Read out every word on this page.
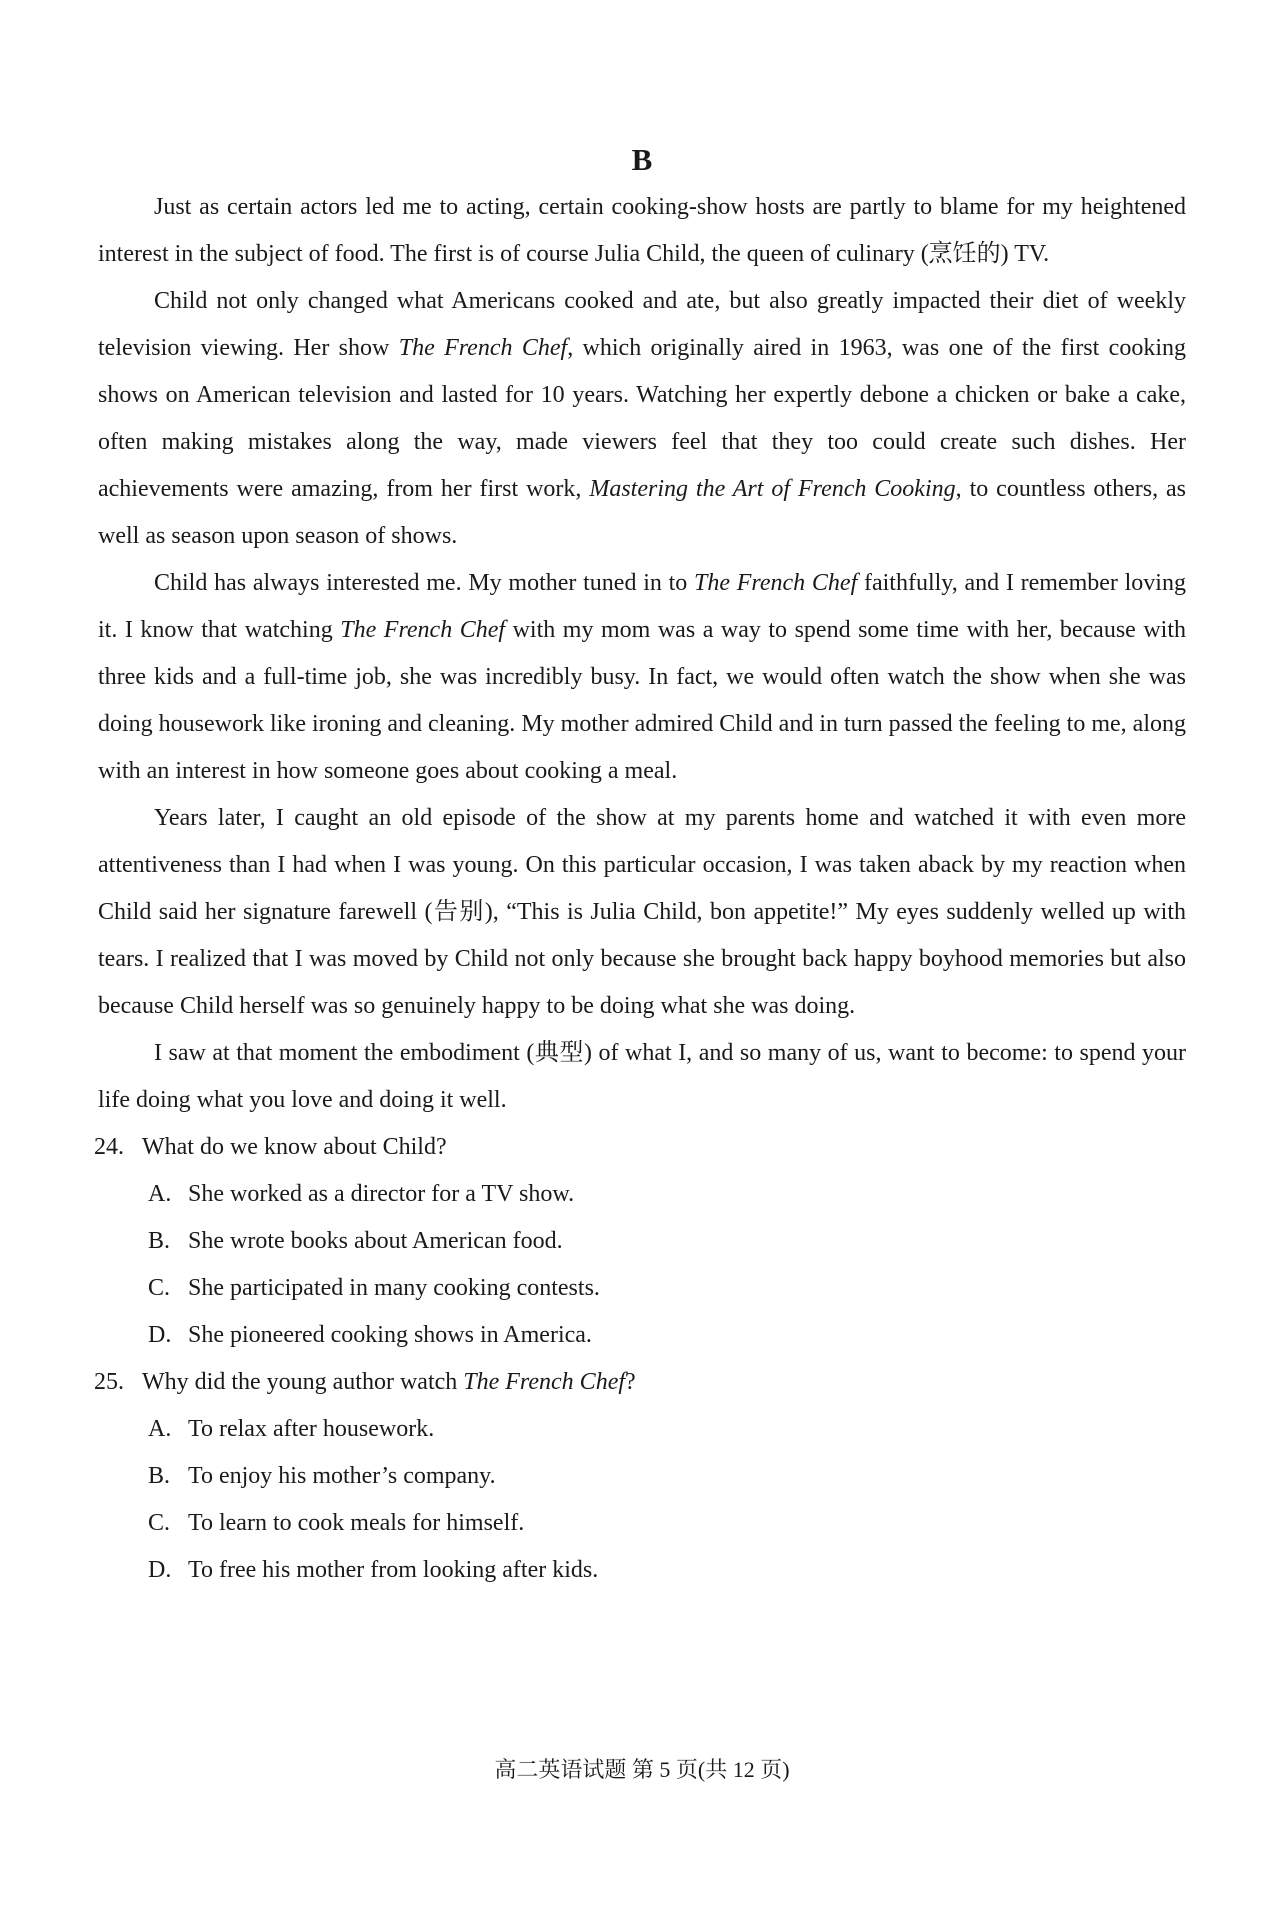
B

Just as certain actors led me to acting, certain cooking-show hosts are partly to blame for my heightened interest in the subject of food. The first is of course Julia Child, the queen of culinary (烹饪的) TV.

Child not only changed what Americans cooked and ate, but also greatly impacted their diet of weekly television viewing. Her show The French Chef, which originally aired in 1963, was one of the first cooking shows on American television and lasted for 10 years. Watching her expertly debone a chicken or bake a cake, often making mistakes along the way, made viewers feel that they too could create such dishes. Her achievements were amazing, from her first work, Mastering the Art of French Cooking, to countless others, as well as season upon season of shows.

Child has always interested me. My mother tuned in to The French Chef faithfully, and I remember loving it. I know that watching The French Chef with my mom was a way to spend some time with her, because with three kids and a full-time job, she was incredibly busy. In fact, we would often watch the show when she was doing housework like ironing and cleaning. My mother admired Child and in turn passed the feeling to me, along with an interest in how someone goes about cooking a meal.

Years later, I caught an old episode of the show at my parents home and watched it with even more attentiveness than I had when I was young. On this particular occasion, I was taken aback by my reaction when Child said her signature farewell (告别), “This is Julia Child, bon appetite!” My eyes suddenly welled up with tears. I realized that I was moved by Child not only because she brought back happy boyhood memories but also because Child herself was so genuinely happy to be doing what she was doing.

I saw at that moment the embodiment (典型) of what I, and so many of us, want to become: to spend your life doing what you love and doing it well.

24. What do we know about Child?
A. She worked as a director for a TV show.
B. She wrote books about American food.
C. She participated in many cooking contests.
D. She pioneered cooking shows in America.
25. Why did the young author watch The French Chef?
A. To relax after housework.
B. To enjoy his mother’s company.
C. To learn to cook meals for himself.
D. To free his mother from looking after kids.
高二英语试题 第 5 页(共 12 页)
